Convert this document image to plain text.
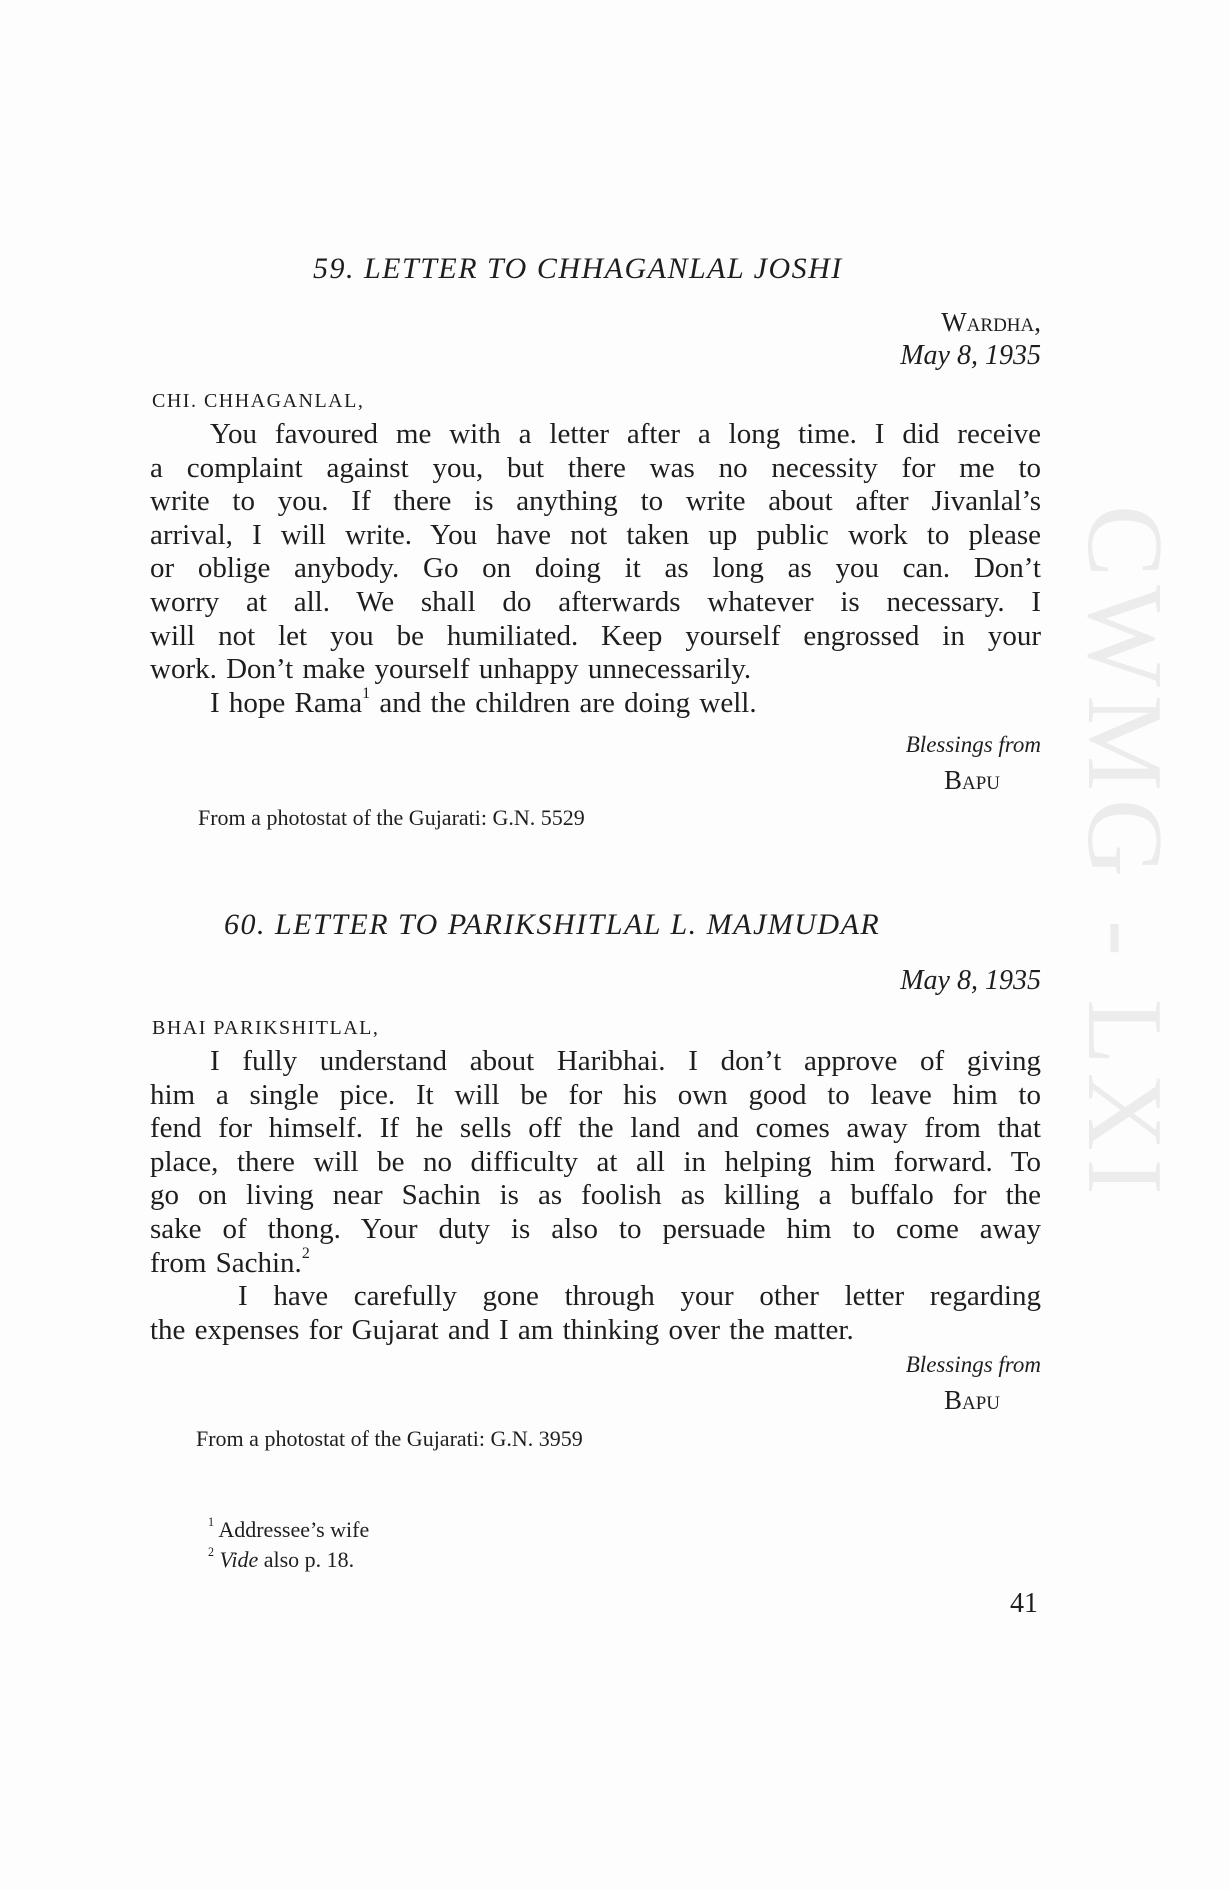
CWMG - LXI
59. LETTER TO CHHAGANLAL JOSHI
Wardha,
May 8, 1935
CHI. CHHAGANLAL,
You favoured me with a letter after a long time. I did receive
a complaint against you, but there was no necessity for me to
write to you. If there is anything to write about after Jivanlal’s
arrival, I will write. You have not taken up public work to please
or oblige anybody. Go on doing it as long as you can. Don’t
worry at all. We shall do afterwards whatever is necessary. I
will not let you be humiliated. Keep yourself engrossed in your
work. Don’t make yourself unhappy unnecessarily.
I hope Rama$^1$ and the children are doing well.
Blessings from
Bapu
From a photostat of the Gujarati: G.N. 5529
60. LETTER TO PARIKSHITLAL L. MAJMUDAR
May 8, 1935
BHAI PARIKSHITLAL,
I fully understand about Haribhai. I don’t approve of giving
him a single pice. It will be for his own good to leave him to
fend for himself. If he sells off the land and comes away from that
place, there will be no difficulty at all in helping him forward. To
go on living near Sachin is as foolish as killing a buffalo for the
sake of thong. Your duty is also to persuade him to come away
from Sachin.$^2$
I have carefully gone through your other letter regarding
the expenses for Gujarat and I am thinking over the matter.
Blessings from
Bapu
From a photostat of the Gujarati: G.N. 3959
$^1$ Addressee’s wife
$^2$ Vide also p. 18.
41
